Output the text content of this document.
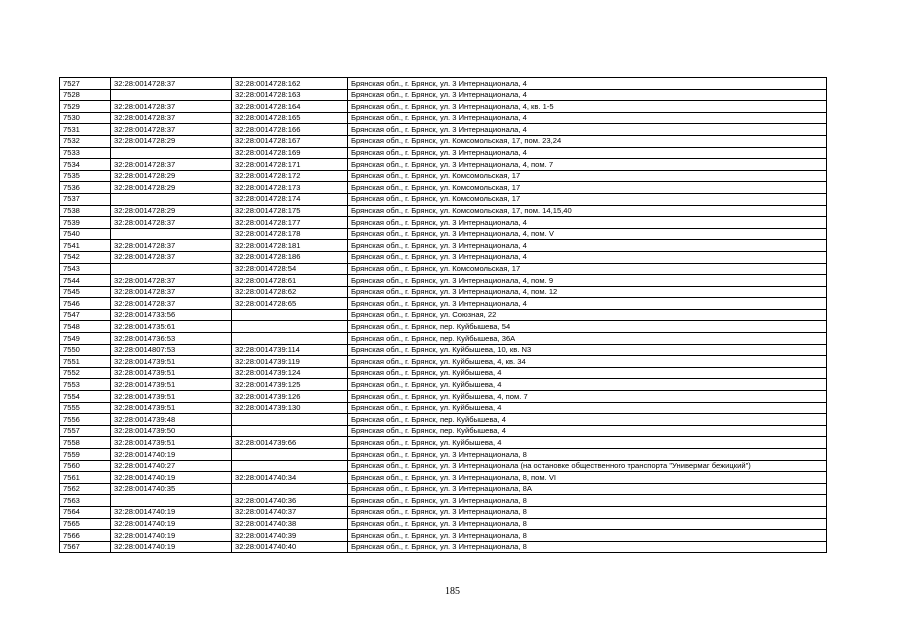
7527	32:28:0014728:37	32:28:0014728:162	Брянская обл., г. Брянск, ул. 3 Интернационала, 4
7528		32:28:0014728:163	Брянская обл., г. Брянск, ул. 3 Интернационала, 4
7529	32:28:0014728:37	32:28:0014728:164	Брянская обл., г. Брянск, ул. 3 Интернационала, 4, кв. 1-5
7530	32:28:0014728:37	32:28:0014728:165	Брянская обл., г. Брянск, ул. 3 Интернационала, 4
7531	32:28:0014728:37	32:28:0014728:166	Брянская обл., г. Брянск, ул. 3 Интернационала, 4
7532	32:28:0014728:29	32:28:0014728:167	Брянская обл., г. Брянск, ул. Комсомольская, 17, пом. 23,24
7533		32:28:0014728:169	Брянская обл., г. Брянск, ул. 3 Интернационала, 4
7534	32:28:0014728:37	32:28:0014728:171	Брянская обл., г. Брянск, ул. 3 Интернационала, 4, пом. 7
7535	32:28:0014728:29	32:28:0014728:172	Брянская обл., г. Брянск, ул. Комсомольская, 17
7536	32:28:0014728:29	32:28:0014728:173	Брянская обл., г. Брянск, ул. Комсомольская, 17
7537		32:28:0014728:174	Брянская обл., г. Брянск, ул. Комсомольская, 17
7538	32:28:0014728:29	32:28:0014728:175	Брянская обл., г. Брянск, ул. Комсомольская, 17, пом. 14,15,40
7539	32:28:0014728:37	32:28:0014728:177	Брянская обл., г. Брянск, ул. 3 Интернационала, 4
7540		32:28:0014728:178	Брянская обл., г. Брянск, ул. 3 Интернационала, 4, пом. V
7541	32:28:0014728:37	32:28:0014728:181	Брянская обл., г. Брянск, ул. 3 Интернационала, 4
7542	32:28:0014728:37	32:28:0014728:186	Брянская обл., г. Брянск, ул. 3 Интернационала, 4
7543		32:28:0014728:54	Брянская обл., г. Брянск, ул. Комсомольская, 17
7544	32:28:0014728:37	32:28:0014728:61	Брянская обл., г. Брянск, ул. 3 Интернационала, 4, пом. 9
7545	32:28:0014728:37	32:28:0014728:62	Брянская обл., г. Брянск, ул. 3 Интернационала, 4, пом. 12
7546	32:28:0014728:37	32:28:0014728:65	Брянская обл., г. Брянск, ул. 3 Интернационала, 4
7547	32:28:0014733:56		Брянская обл., г. Брянск, ул. Союзная, 22
7548	32:28:0014735:61		Брянская обл., г. Брянск, пер. Куйбышева, 54
7549	32:28:0014736:53		Брянская обл., г. Брянск, пер. Куйбышева, 36А
7550	32:28:0014807:53	32:28:0014739:114	Брянская обл., г. Брянск, ул. Куйбышева, 10, кв. N3
7551	32:28:0014739:51	32:28:0014739:119	Брянская обл., г. Брянск, ул. Куйбышева, 4, кв. 34
7552	32:28:0014739:51	32:28:0014739:124	Брянская обл., г. Брянск, ул. Куйбышева, 4
7553	32:28:0014739:51	32:28:0014739:125	Брянская обл., г. Брянск, ул. Куйбышева, 4
7554	32:28:0014739:51	32:28:0014739:126	Брянская обл., г. Брянск, ул. Куйбышева, 4, пом. 7
7555	32:28:0014739:51	32:28:0014739:130	Брянская обл., г. Брянск, ул. Куйбышева, 4
7556	32:28:0014739:48		Брянская обл., г. Брянск, пер. Куйбышева, 4
7557	32:28:0014739:50		Брянская обл., г. Брянск, пер. Куйбышева, 4
7558	32:28:0014739:51	32:28:0014739:66	Брянская обл., г. Брянск, ул. Куйбышева, 4
7559	32:28:0014740:19		Брянская обл., г. Брянск, ул. 3 Интернационала, 8
7560	32:28:0014740:27		Брянская обл., г. Брянск, ул. 3 Интернационала (на остановке общественного транспорта "Универмаг бежицкий")
7561	32:28:0014740:19	32:28:0014740:34	Брянская обл., г. Брянск, ул. 3 Интернационала, 8, пом. VI
7562	32:28:0014740:35		Брянская обл., г. Брянск, ул. 3 Интернационала, 8А
7563		32:28:0014740:36	Брянская обл., г. Брянск, ул. 3 Интернационала, 8
7564	32:28:0014740:19	32:28:0014740:37	Брянская обл., г. Брянск, ул. 3 Интернационала, 8
7565	32:28:0014740:19	32:28:0014740:38	Брянская обл., г. Брянск, ул. 3 Интернационала, 8
7566	32:28:0014740:19	32:28:0014740:39	Брянская обл., г. Брянск, ул. 3 Интернационала, 8
7567	32:28:0014740:19	32:28:0014740:40	Брянская обл., г. Брянск, ул. 3 Интернационала, 8
185
